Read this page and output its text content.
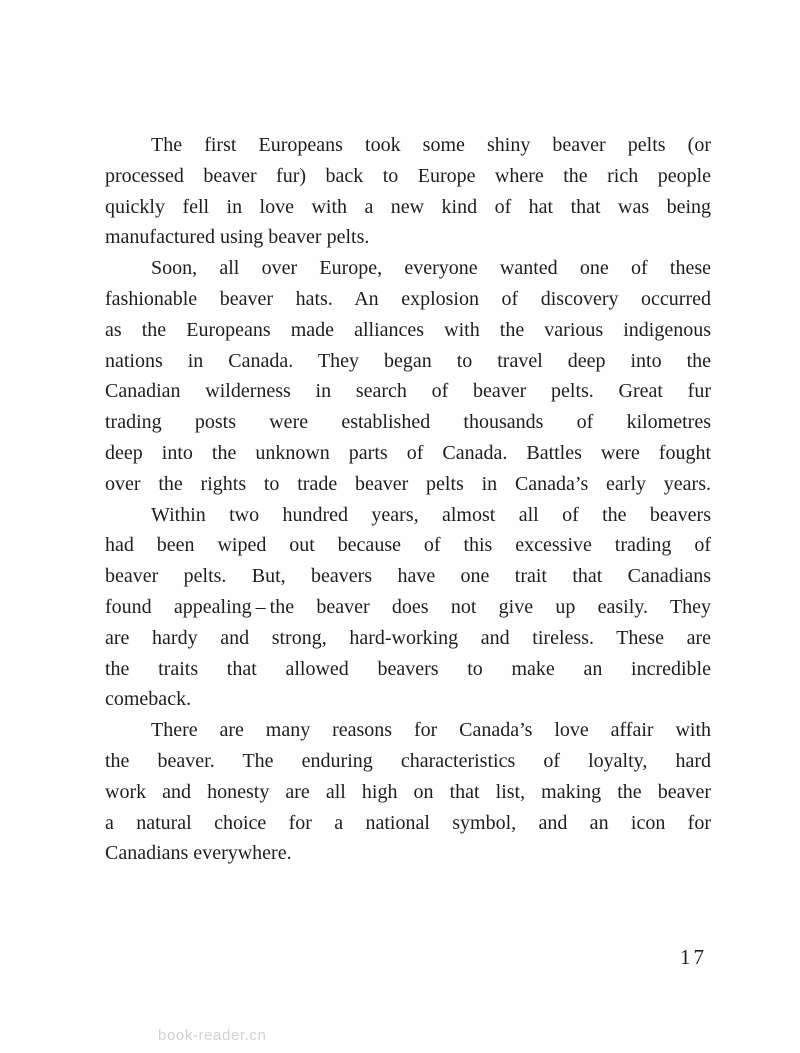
The first Europeans took some shiny beaver pelts (or
processed beaver fur) back to Europe where the rich people
quickly fell in love with a new kind of hat that was being
manufactured using beaver pelts.
Soon, all over Europe, everyone wanted one of these
fashionable beaver hats. An explosion of discovery occurred
as the Europeans made alliances with the various indigenous
nations in Canada. They began to travel deep into the
Canadian wilderness in search of beaver pelts. Great fur
trading posts were established thousands of kilometres
deep into the unknown parts of Canada. Battles were fought
over the rights to trade beaver pelts in Canada’s early years.
Within two hundred years, almost all of the beavers
had been wiped out because of this excessive trading of
beaver pelts. But, beavers have one trait that Canadians
found appealing – the beaver does not give up easily. They
are hardy and strong, hard-working and tireless. These are
the traits that allowed beavers to make an incredible
comeback.
There are many reasons for Canada’s love affair with
the beaver. The enduring characteristics of loyalty, hard
work and honesty are all high on that list, making the beaver
a natural choice for a national symbol, and an icon for
Canadians everywhere.
17
book-reader.cn
